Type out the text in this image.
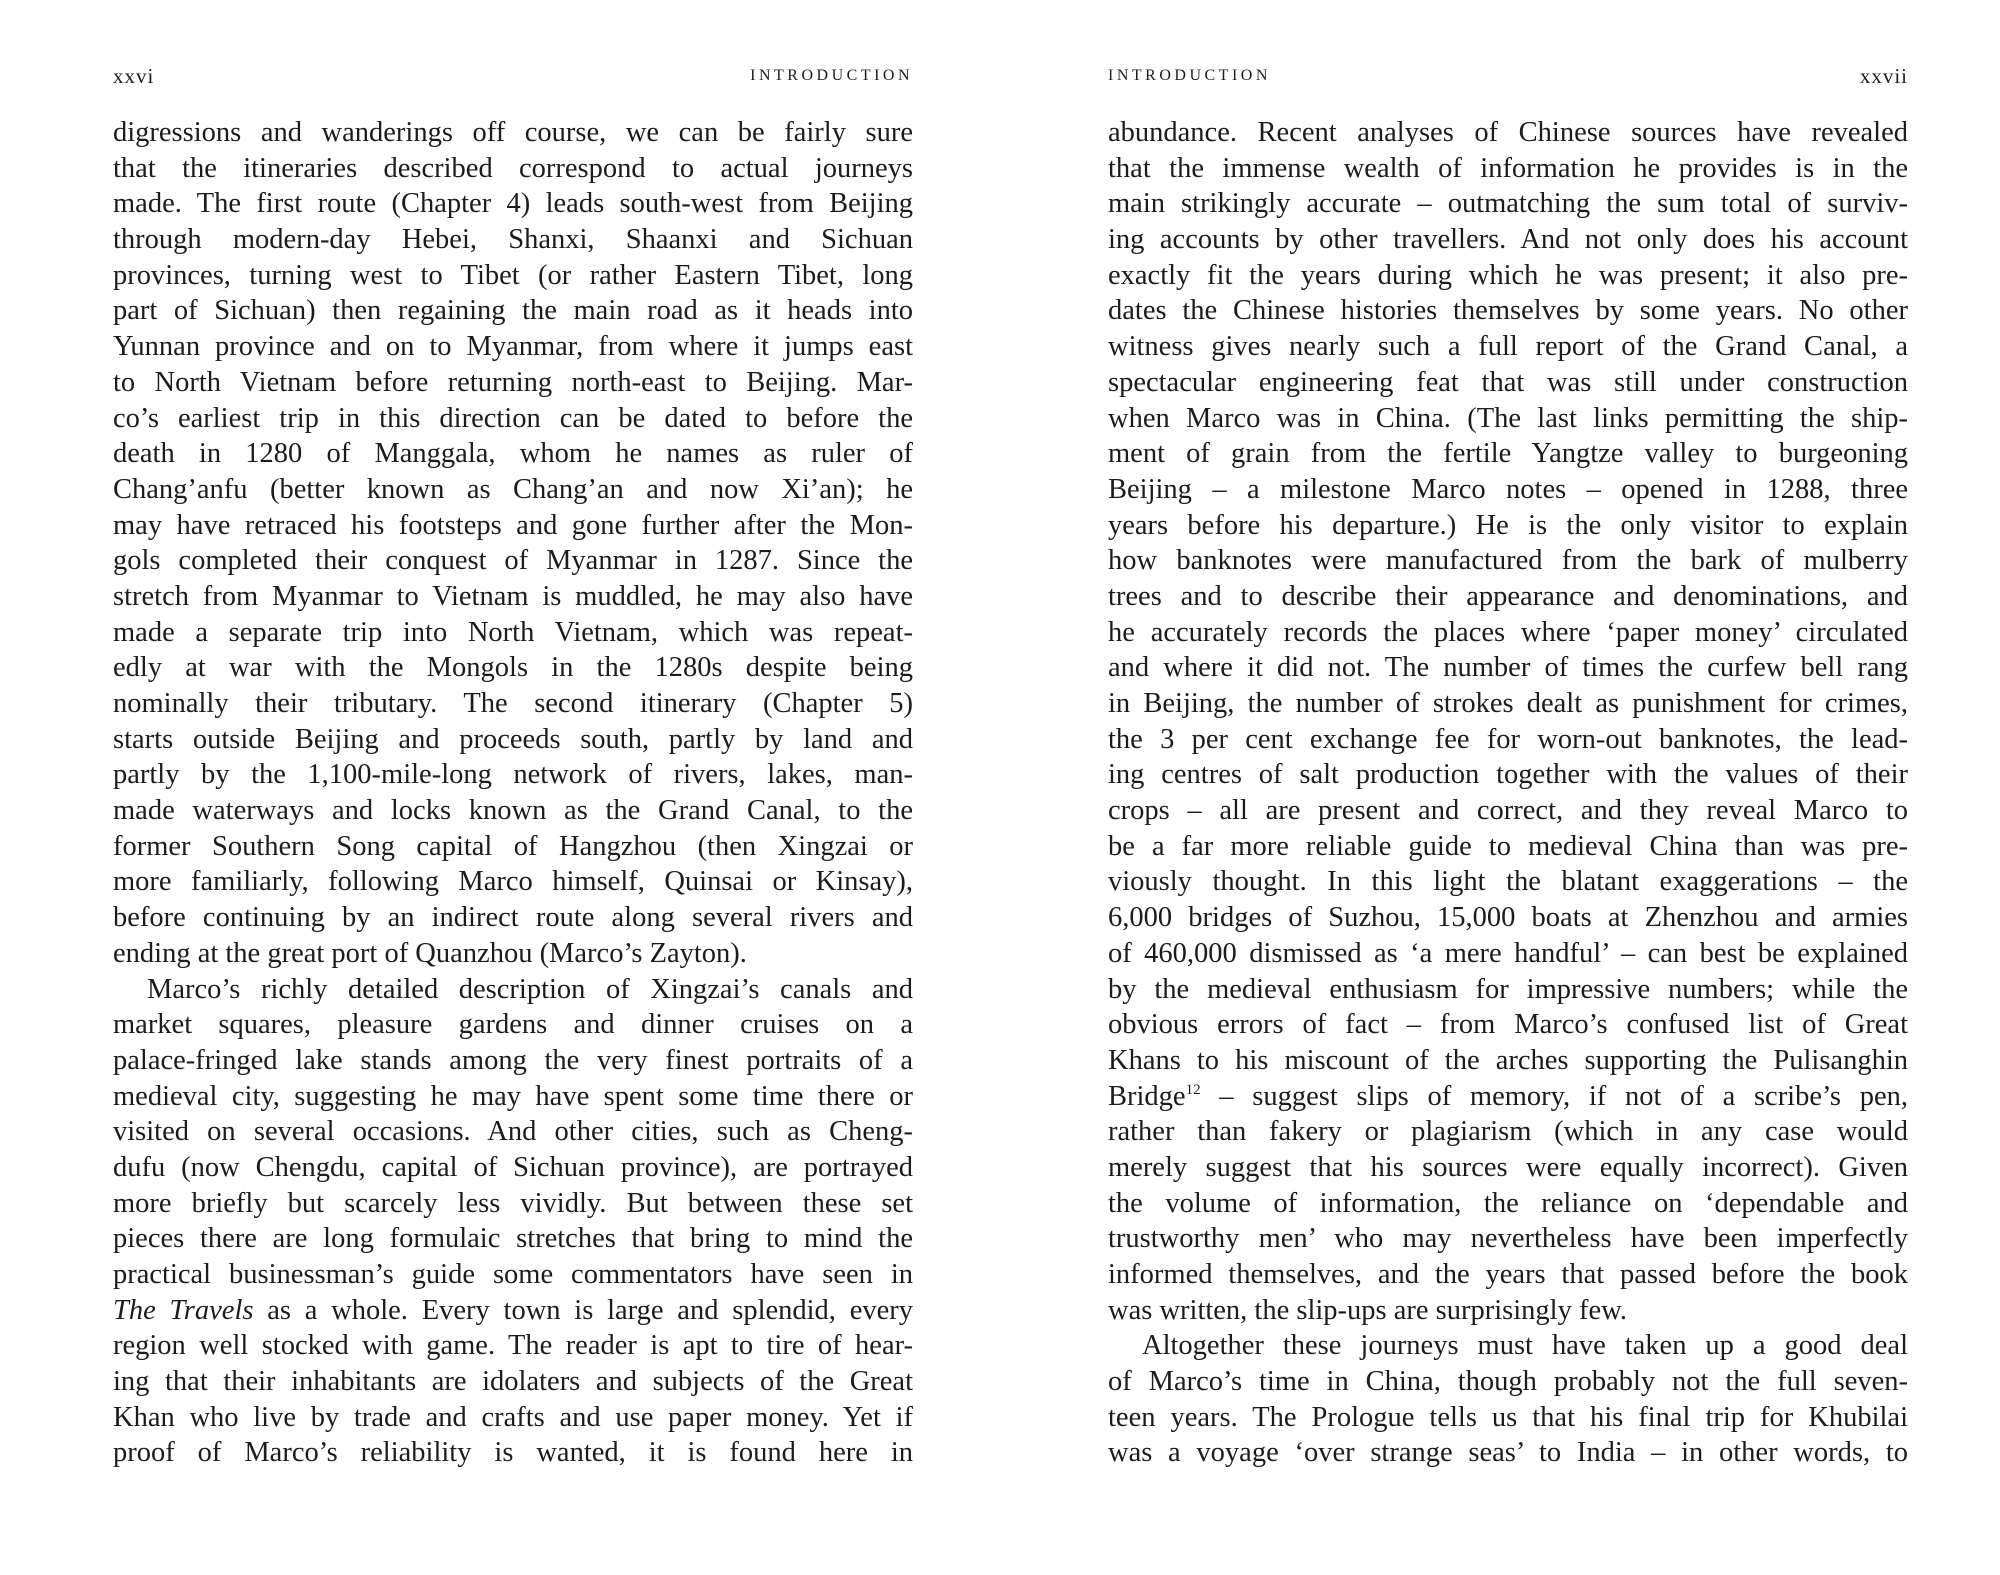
xxvi	INTRODUCTION
digressions and wanderings off course, we can be fairly sure
that the itineraries described correspond to actual journeys
made. The first route (Chapter 4) leads south-west from Beijing
through modern-day Hebei, Shanxi, Shaanxi and Sichuan
provinces, turning west to Tibet (or rather Eastern Tibet, long
part of Sichuan) then regaining the main road as it heads into
Yunnan province and on to Myanmar, from where it jumps east
to North Vietnam before returning north-east to Beijing. Mar-
co’s earliest trip in this direction can be dated to before the
death in 1280 of Manggala, whom he names as ruler of
Chang’anfu (better known as Chang’an and now Xi’an); he
may have retraced his footsteps and gone further after the Mon-
gols completed their conquest of Myanmar in 1287. Since the
stretch from Myanmar to Vietnam is muddled, he may also have
made a separate trip into North Vietnam, which was repeat-
edly at war with the Mongols in the 1280s despite being
nominally their tributary. The second itinerary (Chapter 5)
starts outside Beijing and proceeds south, partly by land and
partly by the 1,100-mile-long network of rivers, lakes, man-
made waterways and locks known as the Grand Canal, to the
former Southern Song capital of Hangzhou (then Xingzai or
more familiarly, following Marco himself, Quinsai or Kinsay),
before continuing by an indirect route along several rivers and
ending at the great port of Quanzhou (Marco’s Zayton).
Marco’s richly detailed description of Xingzai’s canals and
market squares, pleasure gardens and dinner cruises on a
palace-fringed lake stands among the very finest portraits of a
medieval city, suggesting he may have spent some time there or
visited on several occasions. And other cities, such as Cheng-
dufu (now Chengdu, capital of Sichuan province), are portrayed
more briefly but scarcely less vividly. But between these set
pieces there are long formulaic stretches that bring to mind the
practical businessman’s guide some commentators have seen in
The Travels as a whole. Every town is large and splendid, every
region well stocked with game. The reader is apt to tire of hear-
ing that their inhabitants are idolaters and subjects of the Great
Khan who live by trade and crafts and use paper money. Yet if
proof of Marco’s reliability is wanted, it is found here in
INTRODUCTION	xxvii
abundance. Recent analyses of Chinese sources have revealed
that the immense wealth of information he provides is in the
main strikingly accurate – outmatching the sum total of surviv-
ing accounts by other travellers. And not only does his account
exactly fit the years during which he was present; it also pre-
dates the Chinese histories themselves by some years. No other
witness gives nearly such a full report of the Grand Canal, a
spectacular engineering feat that was still under construction
when Marco was in China. (The last links permitting the ship-
ment of grain from the fertile Yangtze valley to burgeoning
Beijing – a milestone Marco notes – opened in 1288, three
years before his departure.) He is the only visitor to explain
how banknotes were manufactured from the bark of mulberry
trees and to describe their appearance and denominations, and
he accurately records the places where ‘paper money’ circulated
and where it did not. The number of times the curfew bell rang
in Beijing, the number of strokes dealt as punishment for crimes,
the 3 per cent exchange fee for worn-out banknotes, the lead-
ing centres of salt production together with the values of their
crops – all are present and correct, and they reveal Marco to
be a far more reliable guide to medieval China than was pre-
viously thought. In this light the blatant exaggerations – the
6,000 bridges of Suzhou, 15,000 boats at Zhenzhou and armies
of 460,000 dismissed as ‘a mere handful’ – can best be explained
by the medieval enthusiasm for impressive numbers; while the
obvious errors of fact – from Marco’s confused list of Great
Khans to his miscount of the arches supporting the Pulisanghin
Bridge$^{12}$ – suggest slips of memory, if not of a scribe’s pen,
rather than fakery or plagiarism (which in any case would
merely suggest that his sources were equally incorrect). Given
the volume of information, the reliance on ‘dependable and
trustworthy men’ who may nevertheless have been imperfectly
informed themselves, and the years that passed before the book
was written, the slip-ups are surprisingly few.
Altogether these journeys must have taken up a good deal
of Marco’s time in China, though probably not the full seven-
teen years. The Prologue tells us that his final trip for Khubilai
was a voyage ‘over strange seas’ to India – in other words, to
